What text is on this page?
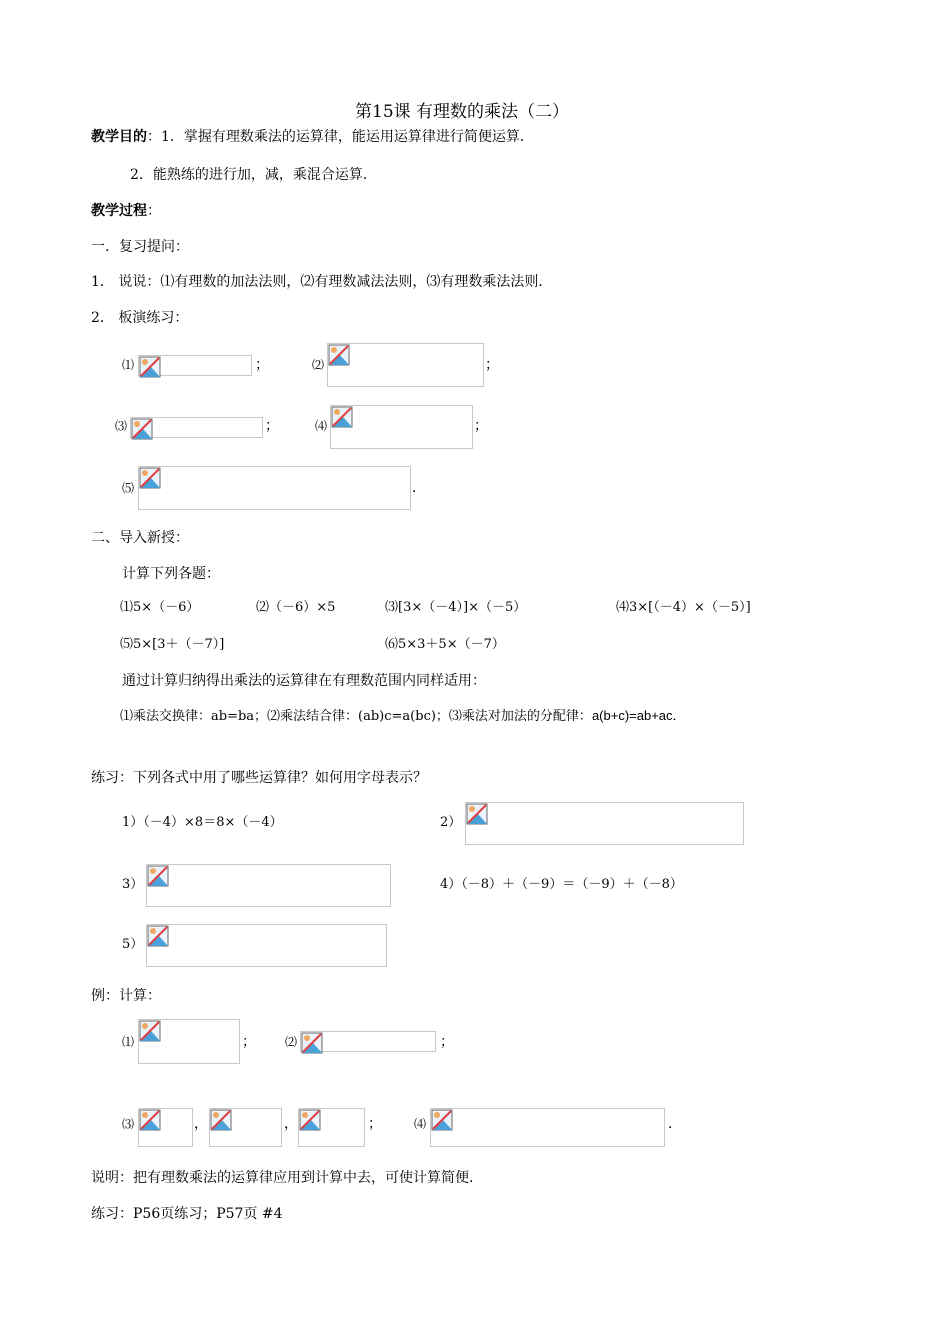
第15课 有理数的乘法（二）
教学目的：1．掌握有理数乘法的运算律，能运用运算律进行简便运算．
2．能熟练的进行加，减，乘混合运算．
教学过程：
一．复习提问：
1． 说说：⑴有理数的加法法则，⑵有理数减法法则，⑶有理数乘法法则．
2． 板演练习：
⑴	；	⑵	；
⑶	；	⑷	；
⑸	．
二、导入新授：
计算下列各题：
⑴5×（－6）	⑵（－6）×5	⑶[3×（－4）]×（－5）	⑷3×[（－4）×（－5）]
⑸5×[3＋（－7）]	⑹5×3＋5×（－7）
通过计算归纳得出乘法的运算律在有理数范围内同样适用：
⑴乘法交换律：ab=ba；⑵乘法结合律：(ab)c=a(bc)；⑶乘法对加法的分配律：a(b+c)=ab+ac．
练习：下列各式中用了哪些运算律？如何用字母表示？
1）（－4）×8＝8×（－4）	2）
3）	4）（－8）＋（－9）＝（－9）＋（－8）
5）
例：计算：
⑴	； ⑵	；
⑶	，	，	；	⑷	．
说明：把有理数乘法的运算律应用到计算中去，可使计算简便．
练习：P56页练习；P57页 #4
